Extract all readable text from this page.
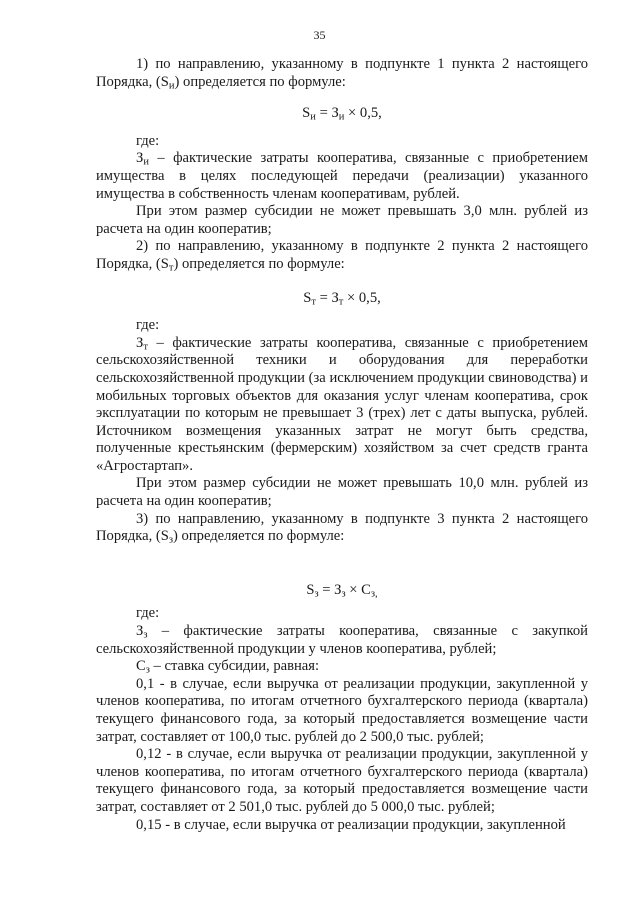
35

1) по направлению, указанному в подпункте 1 пункта 2 настоящего Порядка, $(S_и)$ определяется по формуле:

$S_и = З_и \times 0,5$,

где:

$З_и$ – фактические затраты кооператива, связанные с приобретением имущества в целях последующей передачи (реализации) указанного имущества в собственность членам кооперативам, рублей.

При этом размер субсидии не может превышать 3,0 млн. рублей из расчета на один кооператив;

2) по направлению, указанному в подпункте 2 пункта 2 настоящего Порядка, $(S_т)$ определяется по формуле:

$S_т = З_т \times 0,5$,

где:

$З_т$ – фактические затраты кооператива, связанные с приобретением сельскохозяйственной техники и оборудования для переработки сельскохозяйственной продукции (за исключением продукции свиноводства) и мобильных торговых объектов для оказания услуг членам кооператива, срок эксплуатации по которым не превышает 3 (трех) лет с даты выпуска, рублей. Источником возмещения указанных затрат не могут быть средства, полученные крестьянским (фермерским) хозяйством за счет средств гранта «Агростартап».

При этом размер субсидии не может превышать 10,0 млн. рублей из расчета на один кооператив;

3) по направлению, указанному в подпункте 3 пункта 2 настоящего Порядка, $(S_з)$ определяется по формуле:

$S_з = З_з \times С_{з,}$

где:

$З_з$ – фактические затраты кооператива, связанные с закупкой сельскохозяйственной продукции у членов кооператива, рублей;

$С_з$ – ставка субсидии, равная:

0,1 - в случае, если выручка от реализации продукции, закупленной у членов кооператива, по итогам отчетного бухгалтерского периода (квартала) текущего финансового года, за который предоставляется возмещение части затрат, составляет от 100,0 тыс. рублей до 2 500,0 тыс. рублей;

0,12 - в случае, если выручка от реализации продукции, закупленной у членов кооператива, по итогам отчетного бухгалтерского периода (квартала) текущего финансового года, за который предоставляется возмещение части затрат, составляет от 2 501,0 тыс. рублей до 5 000,0 тыс. рублей;

0,15 - в случае, если выручка от реализации продукции, закупленной
